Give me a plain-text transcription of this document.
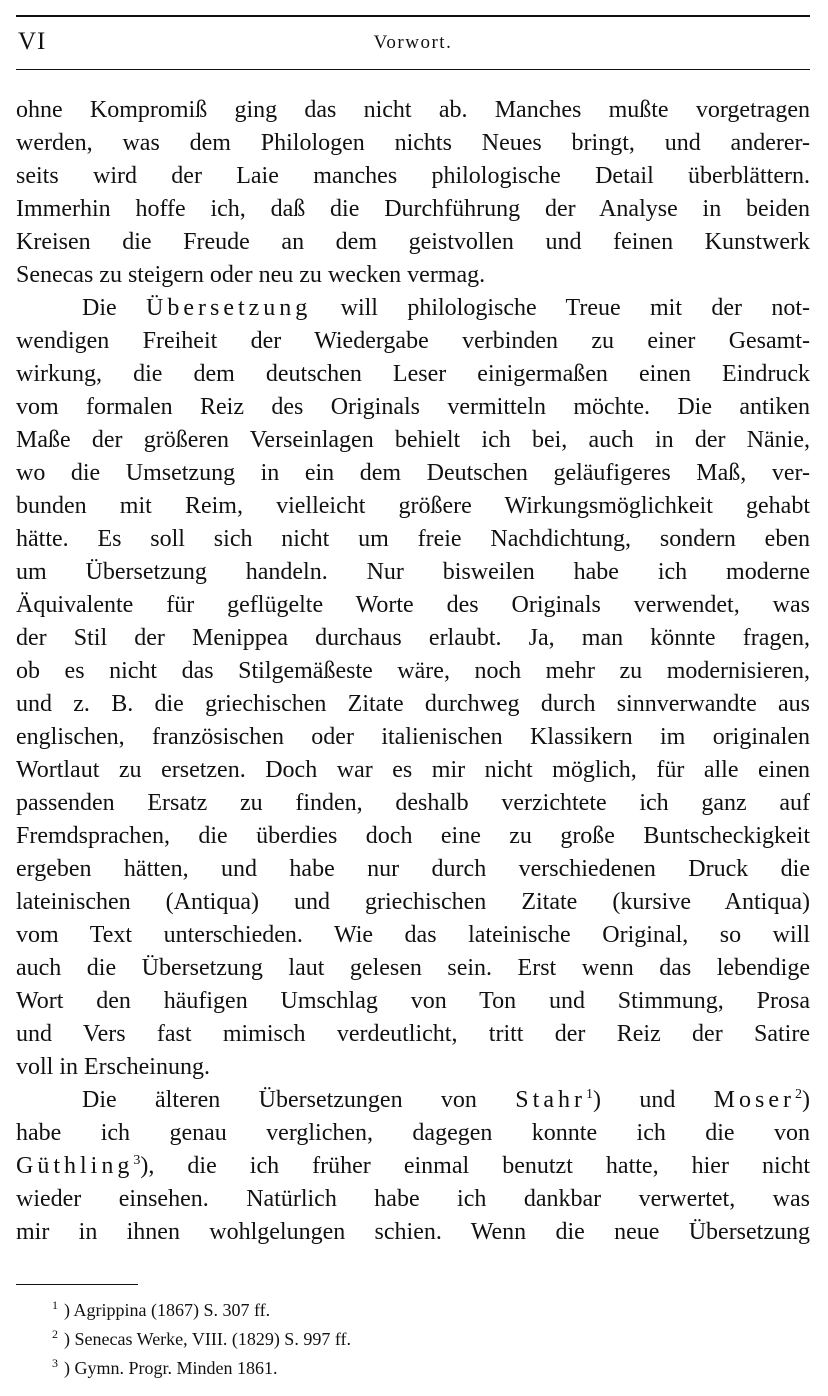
VI	Vorwort.

ohne Kompromiß ging das nicht ab. Manches mußte vorgetragen

werden, was dem Philologen nichts Neues bringt, und anderer-

seits wird der Laie manches philologische Detail überblättern.

Immerhin hoffe ich, daß die Durchführung der Analyse in beiden

Kreisen die Freude an dem geistvollen und feinen Kunstwerk

Senecas zu steigern oder neu zu wecken vermag.

Die Übersetzung will philologische Treue mit der not-

wendigen Freiheit der Wiedergabe verbinden zu einer Gesamt-

wirkung, die dem deutschen Leser einigermaßen einen Eindruck

vom formalen Reiz des Originals vermitteln möchte. Die antiken

Maße der größeren Verseinlagen behielt ich bei, auch in der Nänie,

wo die Umsetzung in ein dem Deutschen geläufigeres Maß, ver-

bunden mit Reim, vielleicht größere Wirkungsmöglichkeit gehabt

hätte. Es soll sich nicht um freie Nachdichtung, sondern eben

um Übersetzung handeln. Nur bisweilen habe ich moderne

Äquivalente für geflügelte Worte des Originals verwendet, was

der Stil der Menippea durchaus erlaubt. Ja, man könnte fragen,

ob es nicht das Stilgemäßeste wäre, noch mehr zu modernisieren,

und z. B. die griechischen Zitate durchweg durch sinnverwandte aus

englischen, französischen oder italienischen Klassikern im originalen

Wortlaut zu ersetzen. Doch war es mir nicht möglich, für alle einen

passenden Ersatz zu finden, deshalb verzichtete ich ganz auf

Fremdsprachen, die überdies doch eine zu große Buntscheckigkeit

ergeben hätten, und habe nur durch verschiedenen Druck die

lateinischen (Antiqua) und griechischen Zitate (kursive Antiqua)

vom Text unterschieden. Wie das lateinische Original, so will

auch die Übersetzung laut gelesen sein. Erst wenn das lebendige

Wort den häufigen Umschlag von Ton und Stimmung, Prosa

und Vers fast mimisch verdeutlicht, tritt der Reiz der Satire

voll in Erscheinung.

Die älteren Übersetzungen von Stahr$^1$) und Moser$^2$)

habe ich genau verglichen, dagegen konnte ich die von

Güthling$^3$), die ich früher einmal benutzt hatte, hier nicht

wieder einsehen. Natürlich habe ich dankbar verwertet, was

mir in ihnen wohlgelungen schien. Wenn die neue Übersetzung

$^1$ ) Agrippina (1867) S. 307 ff.

$^2$ ) Senecas Werke, VIII. (1829) S. 997 ff.

$^3$ ) Gymn. Progr. Minden 1861.
